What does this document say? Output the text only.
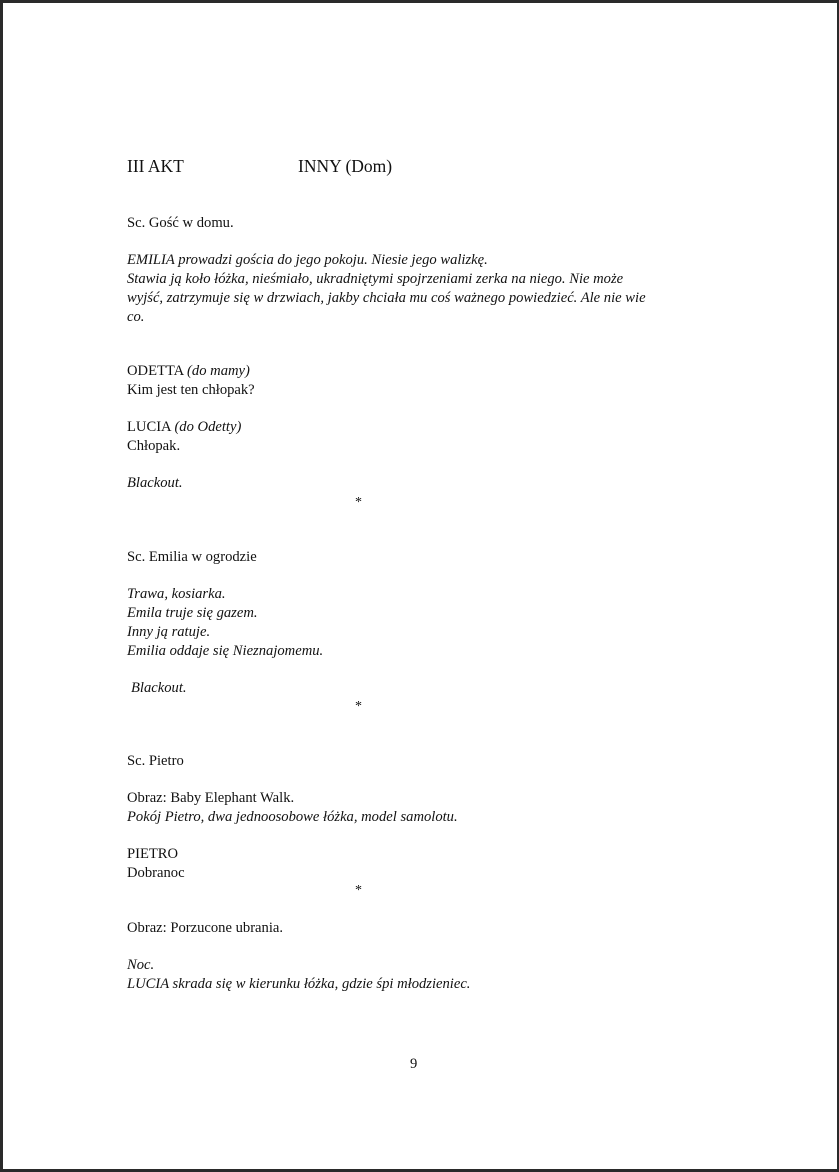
III AKT	INNY (Dom)
Sc. Gość w domu.
EMILIA prowadzi gościa do jego pokoju. Niesie jego walizkę.
Stawia ją koło łóżka, nieśmiało, ukradniętymi spojrzeniami zerka na niego. Nie może
wyjść, zatrzymuje się w drzwiach, jakby chciała mu coś ważnego powiedzieć. Ale nie wie
co.
ODETTA (do mamy)
Kim jest ten chłopak?
LUCIA (do Odetty)
Chłopak.
Blackout.
*
Sc. Emilia w ogrodzie
Trawa, kosiarka.
Emila truje się gazem.
Inny ją ratuje.
Emilia oddaje się Nieznajomemu.
Blackout.
*
Sc. Pietro
Obraz: Baby Elephant Walk.
Pokój Pietro, dwa jednoosobowe łóżka, model samolotu.
PIETRO
Dobranoc
*
Obraz: Porzucone ubrania.
Noc.
LUCIA skrada się w kierunku łóżka, gdzie śpi młodzieniec.
9
